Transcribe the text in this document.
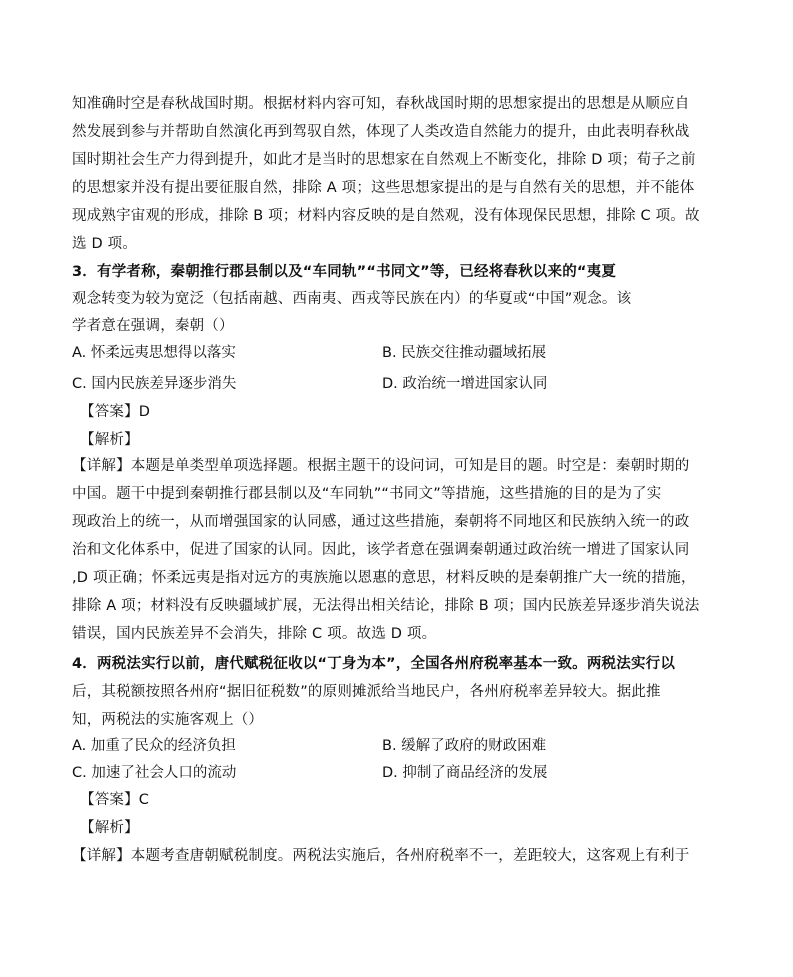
知准确时空是春秋战国时期。根据材料内容可知，春秋战国时期的思想家提出的思想是从顺应自
然发展到参与并帮助自然演化再到驾驭自然，体现了人类改造自然能力的提升，由此表明春秋战
国时期社会生产力得到提升，如此才是当时的思想家在自然观上不断变化，排除 D 项；荀子之前
的思想家并没有提出要征服自然，排除 A 项；这些思想家提出的是与自然有关的思想，并不能体
现成熟宇宙观的形成，排除 B 项；材料内容反映的是自然观，没有体现保民思想，排除 C 项。故
选 D 项。
3．有学者称，秦朝推行郡县制以及“车同轨”“书同文”等，已经将春秋以来的“夷夏
观念转变为较为宽泛（包括南越、西南夷、西戎等民族在内）的华夏或“中国”观念。该
学者意在强调，秦朝（）
A. 怀柔远夷思想得以落实	B. 民族交往推动疆域拓展
C. 国内民族差异逐步消失	D. 政治统一增进国家认同
【答案】D
【解析】
【详解】本题是单类型单项选择题。根据主题干的设问词，可知是目的题。时空是：秦朝时期的
中国。题干中提到秦朝推行郡县制以及“车同轨”“书同文”等措施，这些措施的目的是为了实
现政治上的统一，从而增强国家的认同感，通过这些措施，秦朝将不同地区和民族纳入统一的政
治和文化体系中，促进了国家的认同。因此，该学者意在强调秦朝通过政治统一增进了国家认同
,D 项正确；怀柔远夷是指对远方的夷族施以恩惠的意思，材料反映的是秦朝推广大一统的措施，
排除 A 项；材料没有反映疆域扩展，无法得出相关结论，排除 B 项；国内民族差异逐步消失说法
错误，国内民族差异不会消失，排除 C 项。故选 D 项。
4．两税法实行以前，唐代赋税征收以“丁身为本”，全国各州府税率基本一致。两税法实行以
后，其税额按照各州府“据旧征税数”的原则摊派给当地民户，各州府税率差异较大。据此推
知，两税法的实施客观上（）
A. 加重了民众的经济负担	B. 缓解了政府的财政困难
C. 加速了社会人口的流动	D. 抑制了商品经济的发展
【答案】C
【解析】
【详解】本题考查唐朝赋税制度。两税法实施后，各州府税率不一，差距较大，这客观上有利于
